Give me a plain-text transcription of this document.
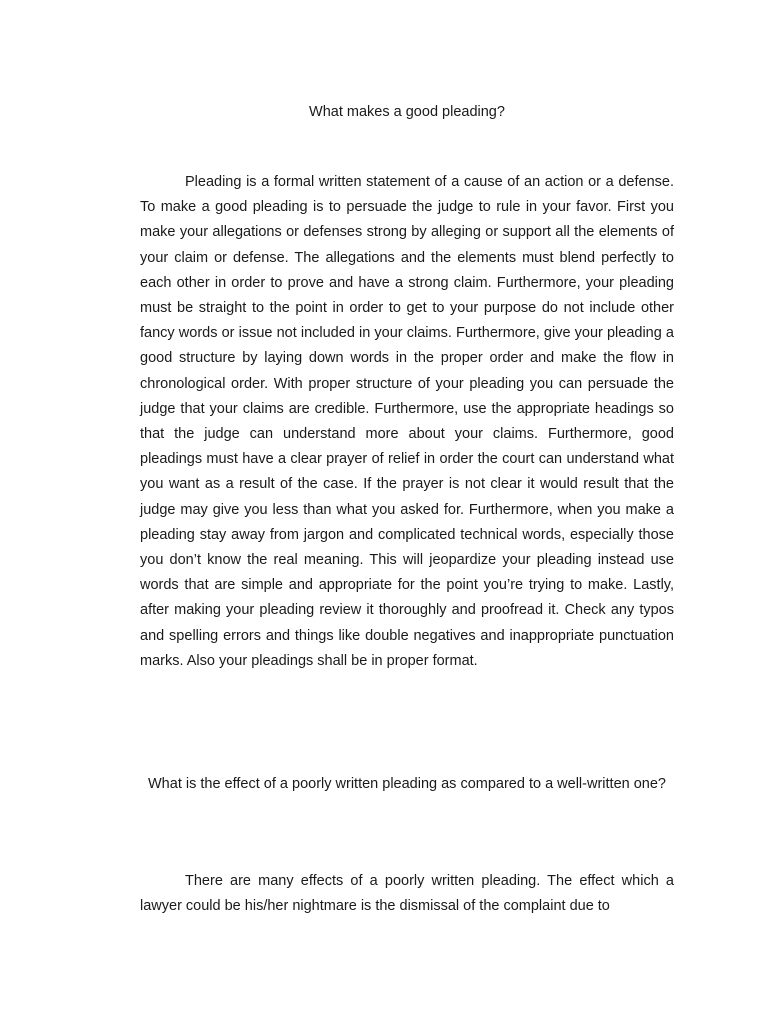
What makes a good pleading?

Pleading is a formal written statement of a cause of an action or a defense. To make a good pleading is to persuade the judge to rule in your favor. First you make your allegations or defenses strong by alleging or support all the elements of your claim or defense. The allegations and the elements must blend perfectly to each other in order to prove and have a strong claim. Furthermore, your pleading must be straight to the point in order to get to your purpose do not include other fancy words or issue not included in your claims. Furthermore, give your pleading a good structure by laying down words in the proper order and make the flow in chronological order. With proper structure of your pleading you can persuade the judge that your claims are credible. Furthermore, use the appropriate headings so that the judge can understand more about your claims. Furthermore, good pleadings must have a clear prayer of relief in order the court can understand what you want as a result of the case. If the prayer is not clear it would result that the judge may give you less than what you asked for. Furthermore, when you make a pleading stay away from jargon and complicated technical words, especially those you don’t know the real meaning. This will jeopardize your pleading instead use words that are simple and appropriate for the point you’re trying to make. Lastly, after making your pleading review it thoroughly and proofread it. Check any typos and spelling errors and things like double negatives and inappropriate punctuation marks. Also your pleadings shall be in proper format.

What is the effect of a poorly written pleading as compared to a well-written one?

There are many effects of a poorly written pleading. The effect which a lawyer could be his/her nightmare is the dismissal of the complaint due to
